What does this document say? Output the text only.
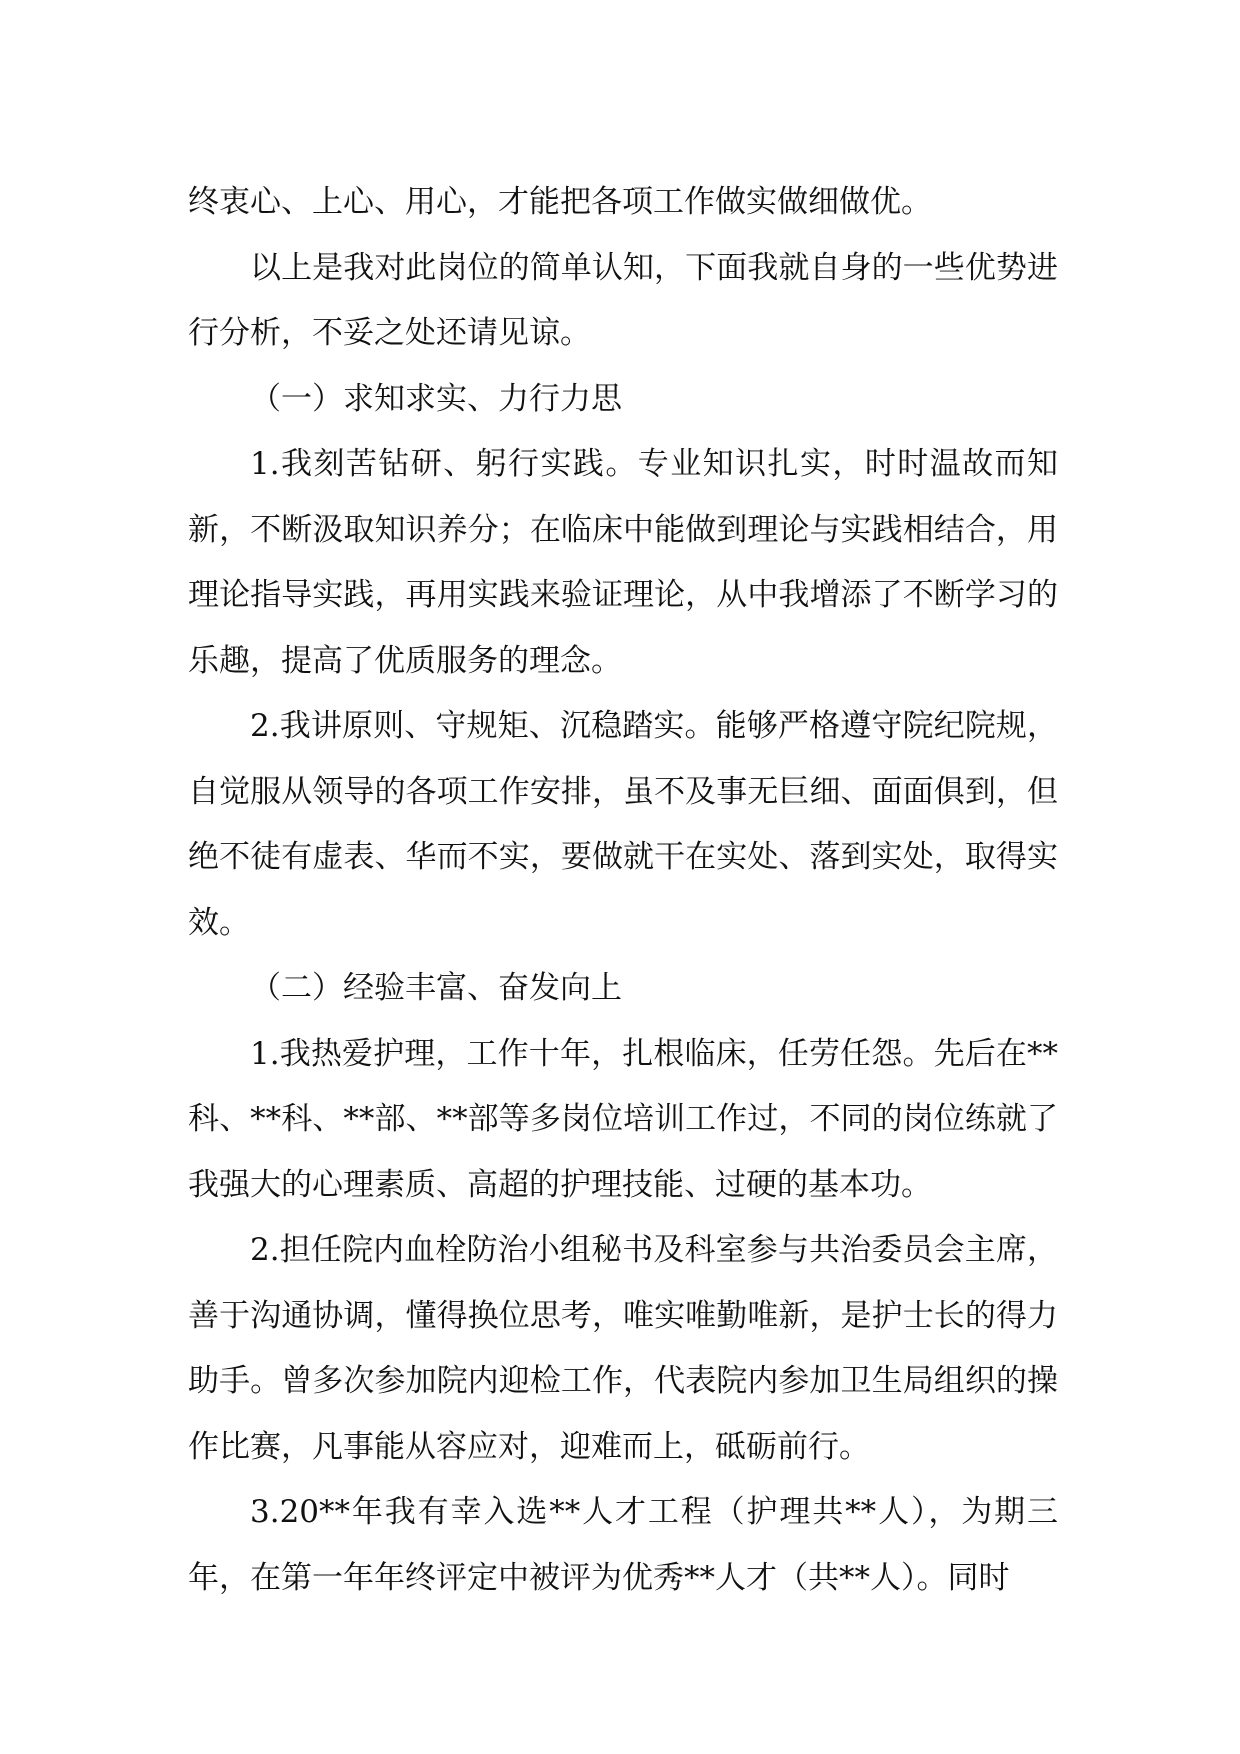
终衷心、上心、用心，才能把各项工作做实做细做优。

以上是我对此岗位的简单认知，下面我就自身的一些优势进行分析，不妥之处还请见谅。

（一）求知求实、力行力思

1.我刻苦钻研、躬行实践。专业知识扎实，时时温故而知新，不断汲取知识养分；在临床中能做到理论与实践相结合，用理论指导实践，再用实践来验证理论，从中我增添了不断学习的乐趣，提高了优质服务的理念。

2.我讲原则、守规矩、沉稳踏实。能够严格遵守院纪院规，自觉服从领导的各项工作安排，虽不及事无巨细、面面俱到，但绝不徒有虚表、华而不实，要做就干在实处、落到实处，取得实效。

（二）经验丰富、奋发向上

1.我热爱护理，工作十年，扎根临床，任劳任怨。先后在**科、**科、**部、**部等多岗位培训工作过，不同的岗位练就了我强大的心理素质、高超的护理技能、过硬的基本功。

2.担任院内血栓防治小组秘书及科室参与共治委员会主席，善于沟通协调，懂得换位思考，唯实唯勤唯新，是护士长的得力助手。曾多次参加院内迎检工作，代表院内参加卫生局组织的操作比赛，凡事能从容应对，迎难而上，砥砺前行。

3.20**年我有幸入选**人才工程（护理共**人），为期三年，在第一年年终评定中被评为优秀**人才（共**人）。同时
